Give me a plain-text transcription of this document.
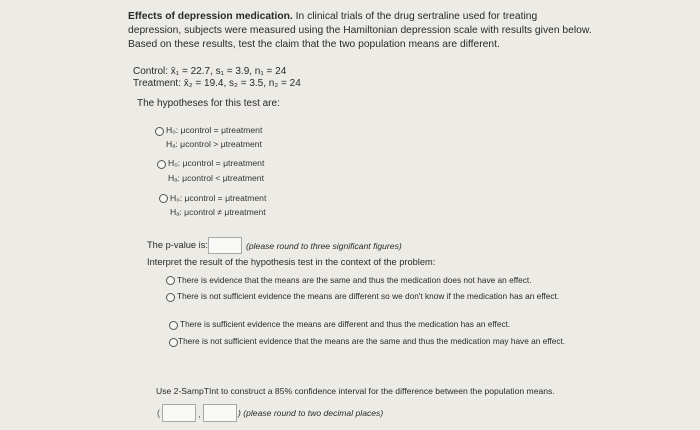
Effects of depression medication. In clinical trials of the drug sertraline used for treating depression, subjects were measured using the Hamiltonian depression scale with results given below. Based on these results, test the claim that the two population means are different.
Control: x̄₁ = 22.7, s₁ = 3.9, n₁ = 24
Treatment: x̄₂ = 19.4, s₂ = 3.5, n₂ = 24
The hypotheses for this test are:
H₀: μcontrol = μtreatment
Hₐ: μcontrol > μtreatment
H₀: μcontrol = μtreatment
Hₐ: μcontrol < μtreatment
H₀: μcontrol = μtreatment
Hₐ: μcontrol ≠ μtreatment
The p-value is:	(please round to three significant figures)
Interpret the result of the hypothesis test in the context of the problem:
There is evidence that the means are the same and thus the medication does not have an effect.
There is not sufficient evidence the means are different so we don't know if the medication has an effect.
There is sufficient evidence the means are different and thus the medication has an effect.
There is not sufficient evidence that the means are the same and thus the medication may have an effect.
Use 2-SampTInt to construct a 85% confidence interval for the difference between the population means.
(	,	) (please round to two decimal places)
